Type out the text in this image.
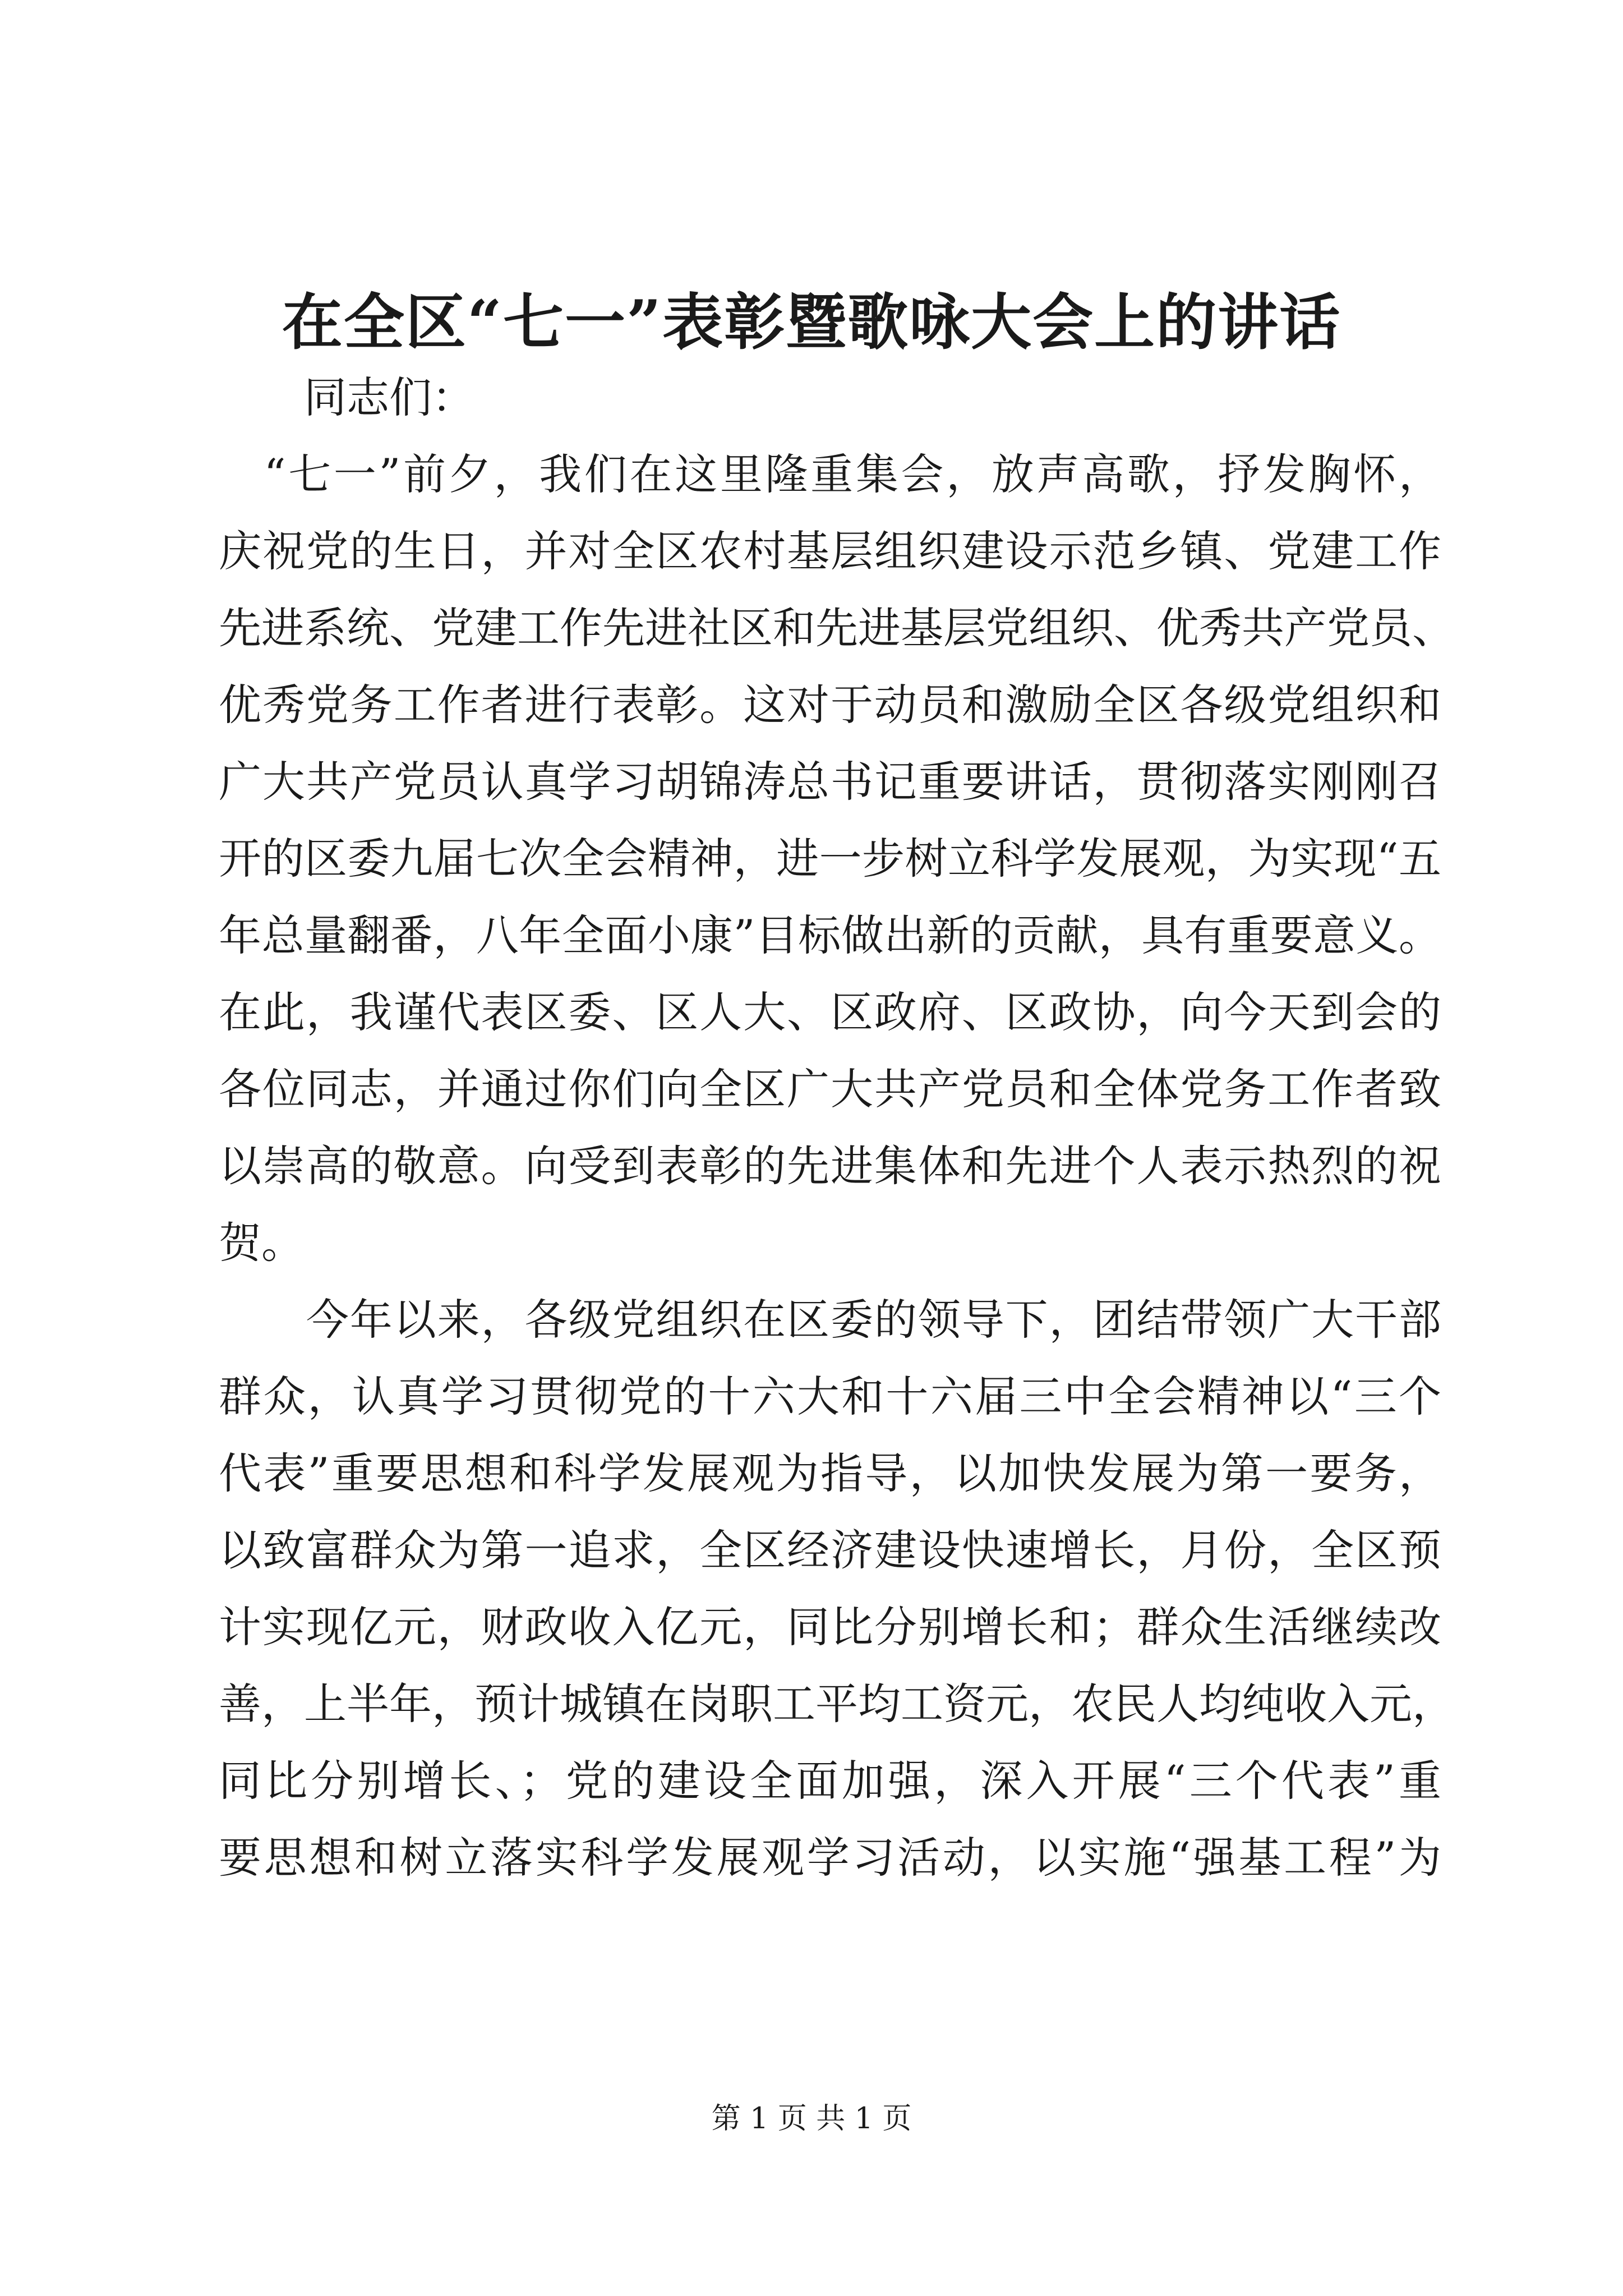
在全区“七一”表彰暨歌咏大会上的讲话
　　同志们：
　“七一”前夕，我们在这里隆重集会，放声高歌，抒发胸怀，
庆祝党的生日，并对全区农村基层组织建设示范乡镇、党建工作
先进系统、党建工作先进社区和先进基层党组织、优秀共产党员、
优秀党务工作者进行表彰。这对于动员和激励全区各级党组织和
广大共产党员认真学习胡锦涛总书记重要讲话，贯彻落实刚刚召
开的区委九届七次全会精神，进一步树立科学发展观，为实现“五
年总量翻番，八年全面小康”目标做出新的贡献，具有重要意义。
在此，我谨代表区委、区人大、区政府、区政协，向今天到会的
各位同志，并通过你们向全区广大共产党员和全体党务工作者致
以崇高的敬意。向受到表彰的先进集体和先进个人表示热烈的祝
贺。
　　今年以来，各级党组织在区委的领导下，团结带领广大干部
群众，认真学习贯彻党的十六大和十六届三中全会精神以“三个
代表”重要思想和科学发展观为指导，以加快发展为第一要务，
以致富群众为第一追求，全区经济建设快速增长，月份，全区预
计实现亿元，财政收入亿元，同比分别增长和；群众生活继续改
善，上半年，预计城镇在岗职工平均工资元，农民人均纯收入元，
同比分别增长、；党的建设全面加强，深入开展“三个代表”重
要思想和树立落实科学发展观学习活动，以实施“强基工程”为
第 1 页 共 1 页
